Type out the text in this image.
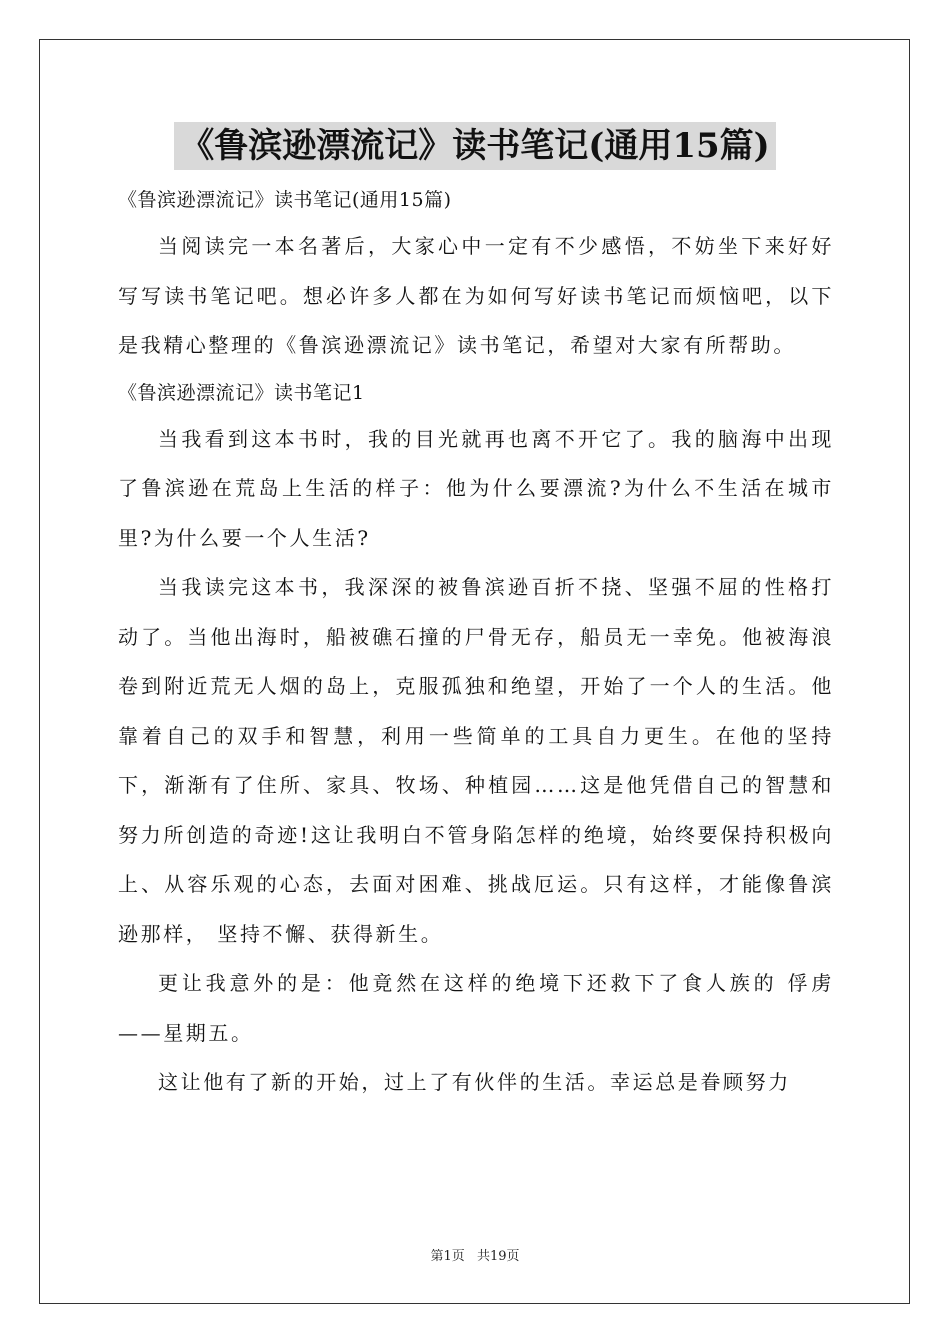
《鲁滨逊漂流记》读书笔记(通用15篇)

《鲁滨逊漂流记》读书笔记(通用15篇)

当阅读完一本名著后，大家心中一定有不少感悟，不妨坐下来好好写写读书笔记吧。想必许多人都在为如何写好读书笔记而烦恼吧，以下是我精心整理的《鲁滨逊漂流记》读书笔记，希望对大家有所帮助。

《鲁滨逊漂流记》读书笔记1

当我看到这本书时，我的目光就再也离不开它了。我的脑海中出现了鲁滨逊在荒岛上生活的样子：他为什么要漂流?为什么不生活在城市里?为什么要一个人生活?

当我读完这本书，我深深的被鲁滨逊百折不挠、坚强不屈的性格打动了。当他出海时，船被礁石撞的尸骨无存，船员无一幸免。他被海浪卷到附近荒无人烟的岛上，克服孤独和绝望，开始了一个人的生活。他靠着自己的双手和智慧，利用一些简单的工具自力更生。在他的坚持下，渐渐有了住所、家具、牧场、种植园……这是他凭借自己的智慧和努力所创造的奇迹!这让我明白不管身陷怎样的绝境，始终要保持积极向上、从容乐观的心态，去面对困难、挑战厄运。只有这样，才能像鲁滨逊那样， 坚持不懈、获得新生。

更让我意外的是：他竟然在这样的绝境下还救下了食人族的 俘虏——星期五。

这让他有了新的开始，过上了有伙伴的生活。幸运总是眷顾努力

第1页 共19页
